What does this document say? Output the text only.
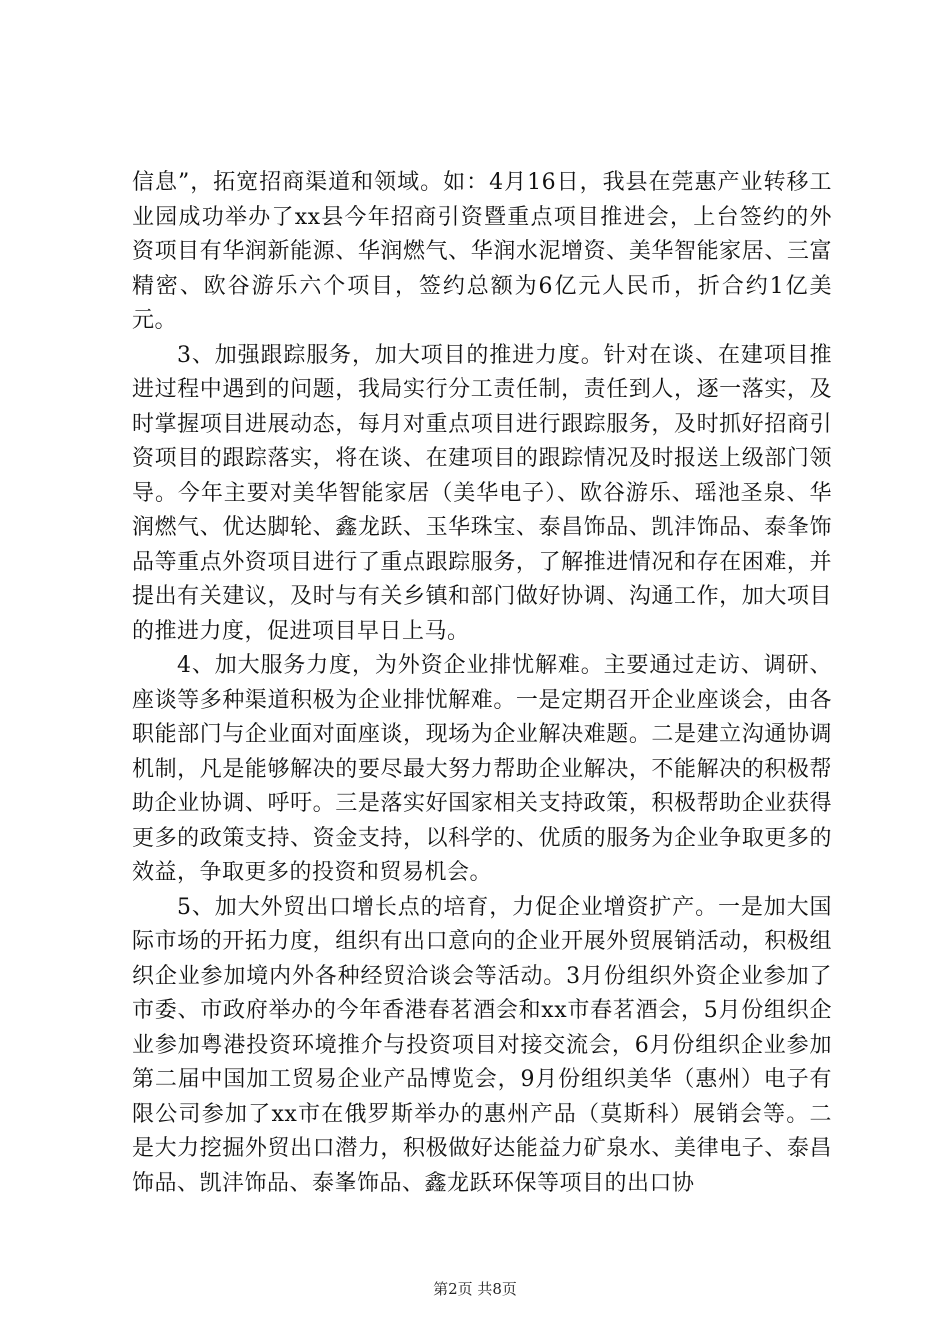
信息”，拓宽招商渠道和领域。如：4月16日，我县在莞惠产业转移工业园成功举办了xx县今年招商引资暨重点项目推进会，上台签约的外资项目有华润新能源、华润燃气、华润水泥增资、美华智能家居、三富精密、欧谷游乐六个项目，签约总额为6亿元人民币，折合约1亿美元。

3、加强跟踪服务，加大项目的推进力度。针对在谈、在建项目推进过程中遇到的问题，我局实行分工责任制，责任到人，逐一落实，及时掌握项目进展动态，每月对重点项目进行跟踪服务，及时抓好招商引资项目的跟踪落实，将在谈、在建项目的跟踪情况及时报送上级部门领导。今年主要对美华智能家居（美华电子）、欧谷游乐、瑶池圣泉、华润燃气、优达脚轮、鑫龙跃、玉华珠宝、泰昌饰品、凯沣饰品、泰夆饰品等重点外资项目进行了重点跟踪服务，了解推进情况和存在困难，并提出有关建议，及时与有关乡镇和部门做好协调、沟通工作，加大项目的推进力度，促进项目早日上马。

4、加大服务力度，为外资企业排忧解难。主要通过走访、调研、座谈等多种渠道积极为企业排忧解难。一是定期召开企业座谈会，由各职能部门与企业面对面座谈，现场为企业解决难题。二是建立沟通协调机制，凡是能够解决的要尽最大努力帮助企业解决，不能解决的积极帮助企业协调、呼吁。三是落实好国家相关支持政策，积极帮助企业获得更多的政策支持、资金支持，以科学的、优质的服务为企业争取更多的效益，争取更多的投资和贸易机会。

5、加大外贸出口增长点的培育，力促企业增资扩产。一是加大国际市场的开拓力度，组织有出口意向的企业开展外贸展销活动，积极组织企业参加境内外各种经贸洽谈会等活动。3月份组织外资企业参加了市委、市政府举办的今年香港春茗酒会和xx市春茗酒会，5月份组织企业参加粤港投资环境推介与投资项目对接交流会，6月份组织企业参加第二届中国加工贸易企业产品博览会，9月份组织美华（惠州）电子有限公司参加了xx市在俄罗斯举办的惠州产品（莫斯科）展销会等。二是大力挖掘外贸出口潜力，积极做好达能益力矿泉水、美律电子、泰昌饰品、凯沣饰品、泰峯饰品、鑫龙跃环保等项目的出口协

第2页 共8页
